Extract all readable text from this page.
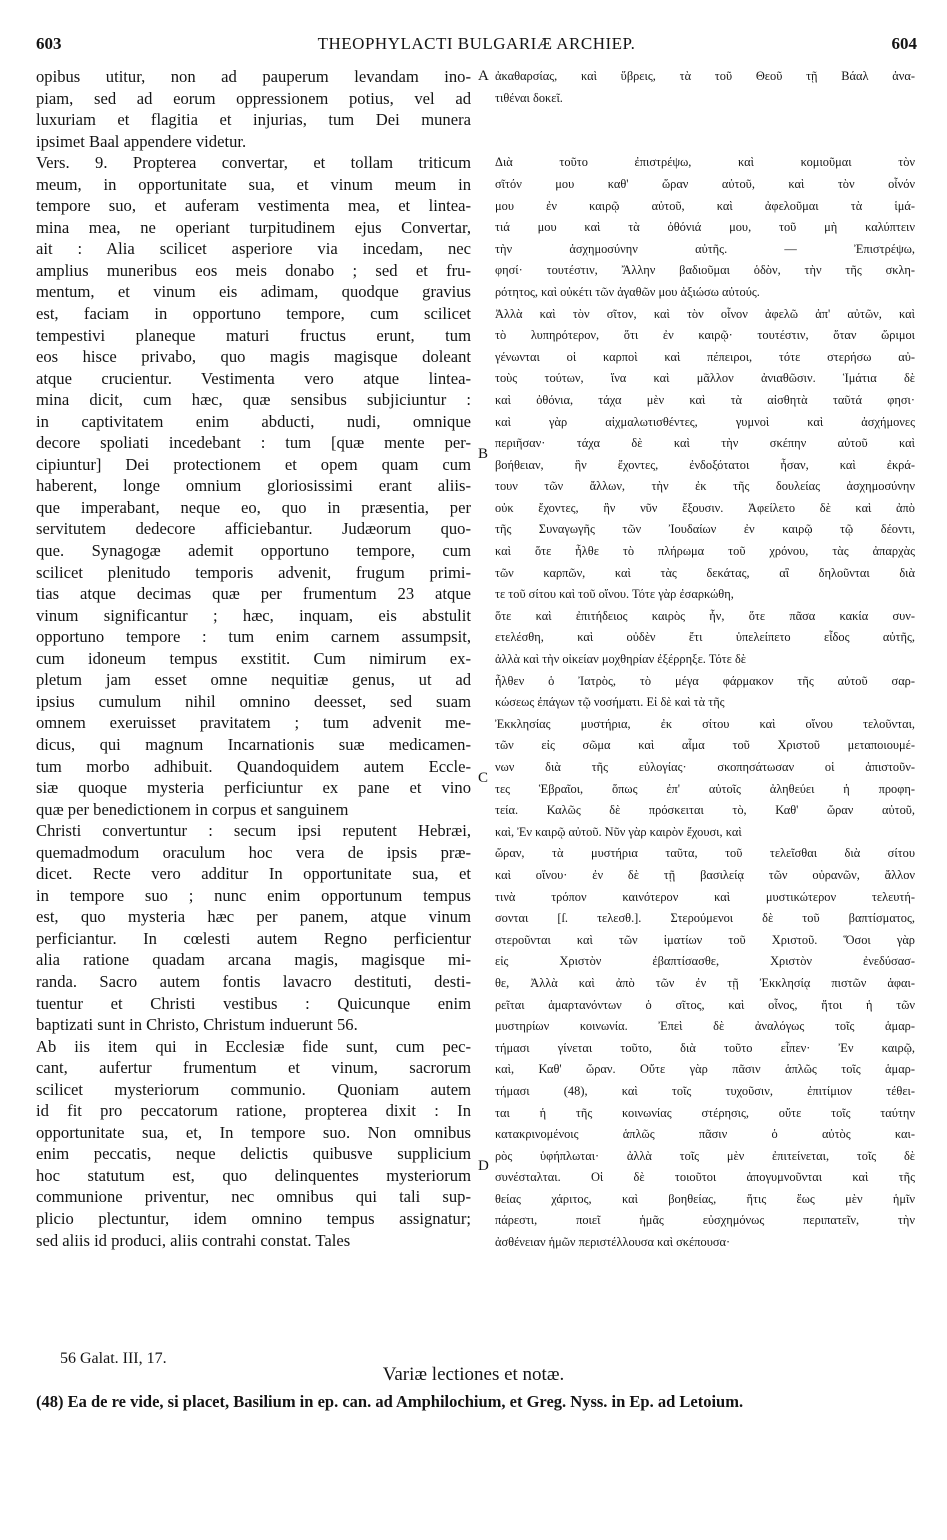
603	THEOPHYLACTI BULGARIÆ ARCHIEP.	604
opibus utitur, non ad pauperum levandam ino-
piam, sed ad eorum oppressionem potius, vel ad
luxuriam et flagitia et injurias, tum Dei munera
ipsimet Baal appendere videtur.
Vers. 9. Propterea convertar, et tollam triticum
meum, in opportunitate sua, et vinum meum in
tempore suo, et auferam vestimenta mea, et lintea-
mina mea, ne operiant turpitudinem ejus Convertar,
ait : Alia scilicet asperiore via incedam, nec
amplius muneribus eos meis donabo ; sed et fru-
mentum, et vinum eis adimam, quodque gravius
est, faciam in opportuno tempore, cum scilicet
tempestivi planeque maturi fructus erunt, tum
eos hisce privabo, quo magis magisque doleant
atque crucientur. Vestimenta vero atque lintea-
mina dicit, cum hæc, quæ sensibus subjiciuntur :
in captivitatem enim abducti, nudi, omnique
decore spoliati incedebant : tum [quæ mente per-
cipiuntur] Dei protectionem et opem quam cum
haberent, longe omnium gloriosissimi erant aliis-
que imperabant, neque eo, quo in præsentia, per
servitutem dedecore afficiebantur. Judæorum quo-
que. Synagogæ ademit opportuno tempore, cum
scilicet plenitudo temporis advenit, frugum primi-
tias atque decimas quæ per frumentum 23 atque
vinum significantur ; hæc, inquam, eis abstulit
opportuno tempore : tum enim carnem assumpsit,
cum idoneum tempus exstitit. Cum nimirum ex-
pletum jam esset omne nequitiæ genus, ut ad
ipsius cumulum nihil omnino deesset, sed suam
omnem exeruisset pravitatem ; tum advenit me-
dicus, qui magnum Incarnationis suæ medicamen-
tum morbo adhibuit. Quandoquidem autem Eccle-
siæ quoque mysteria perficiuntur ex pane et vino
quæ per benedictionem in corpus et sanguinem
Christi convertuntur : secum ipsi reputent Hebræi,
quemadmodum oraculum hoc vera de ipsis præ-
dicet. Recte vero additur In opportunitate sua, et
in tempore suo ; nunc enim opportunum tempus
est, quo mysteria hæc per panem, atque vinum
perficiantur. In cœlesti autem Regno perficientur
alia ratione quadam arcana magis, magisque mi-
randa. Sacro autem fontis lavacro destituti, desti-
tuentur et Christi vestibus : Quicunque enim
baptizati sunt in Christo, Christum induerunt 56.
Ab iis item qui in Ecclesiæ fide sunt, cum pec-
cant, aufertur frumentum et vinum, sacrorum
scilicet mysteriorum communio. Quoniam autem
id fit pro peccatorum ratione, propterea dixit : In
opportunitate sua, et, In tempore suo. Non omnibus
enim peccatis, neque delictis quibusve supplicium
hoc statutum est, quo delinquentes mysteriorum
communione priventur, nec omnibus qui tali sup-
plicio plectuntur, idem omnino tempus assignatur;
sed aliis id produci, aliis contrahi constat. Tales
ἀκαθαρσίας, καὶ ὕβρεις, τὰ τοῦ Θεοῦ τῇ Βάαλ ἀνα-
τιθέναι δοκεῖ.

Διὰ τοῦτο ἐπιστρέψω, καὶ κομιοῦμαι τὸν
σῖτόν μου καθ' ὥραν αὐτοῦ, καὶ τὸν οἶνόν
μου ἐν καιρῷ αὐτοῦ, καὶ ἀφελοῦμαι τὰ ἱμά-
τιά μου καὶ τὰ ὀθόνιά μου, τοῦ μὴ καλύπτειν
τὴν ἀσχημοσύνην αὐτῆς. — Ἐπιστρέψω,
φησί· τουτέστιν, Ἄλλην βαδιοῦμαι ὁδὸν, τὴν τῆς σκλη-
ρότητος, καὶ οὐκέτι τῶν ἀγαθῶν μου ἀξιώσω αὐτούς.
Ἀλλὰ καὶ τὸν σῖτον, καὶ τὸν οἶνον ἀφελῶ ἀπ' αὐτῶν, καὶ
τὸ λυπηρότερον, ὅτι ἐν καιρῷ· τουτέστιν, ὅταν ὥριμοι
γένωνται οἱ καρποὶ καὶ πέπειροι, τότε στερήσω αὐ-
τοὺς τούτων, ἵνα καὶ μᾶλλον ἀνιαθῶσιν. Ἱμάτια δὲ
καὶ ὀθόνια, τάχα μὲν καὶ τὰ αἰσθητὰ ταῦτά φησι·
καὶ γὰρ αἰχμαλωτισθέντες, γυμνοὶ καὶ ἀσχήμονες
περιῆσαν· τάχα δὲ καὶ τὴν σκέπην αὐτοῦ καὶ
βοήθειαν, ἣν ἔχοντες, ἐνδοξότατοι ἦσαν, καὶ ἐκρά-
τουν τῶν ἄλλων, τὴν ἐκ τῆς δουλείας ἀσχημοσύνην
οὐκ ἔχοντες, ἣν νῦν ἔξουσιν. Ἀφείλετο δὲ καὶ ἀπὸ
τῆς Συναγωγῆς τῶν Ἰουδαίων ἐν καιρῷ τῷ δέοντι,
καὶ ὅτε ἦλθε τὸ πλήρωμα τοῦ χρόνου, τὰς ἀπαρχὰς
τῶν καρπῶν, καὶ τὰς δεκάτας, αἳ δηλοῦνται διὰ
τε τοῦ σίτου καὶ τοῦ οἴνου. Τότε γὰρ ἐσαρκώθη,
ὅτε καὶ ἐπιτήδειος καιρὸς ἦν, ὅτε πᾶσα κακία συν-
ετελέσθη, καὶ οὐδὲν ἔτι ὑπελείπετο εἶδος αὐτῆς,
ἀλλὰ καὶ τὴν οἰκείαν μοχθηρίαν ἐξέρρηξε. Τότε δὲ
ἦλθεν ὁ Ἰατρὸς, τὸ μέγα φάρμακον τῆς αὐτοῦ σαρ-
κώσεως ἐπάγων τῷ νοσήματι. Εἰ δὲ καὶ τὰ τῆς
Ἐκκλησίας μυστήρια, ἐκ σίτου καὶ οἴνου τελοῦνται,
τῶν εἰς σῶμα καὶ αἷμα τοῦ Χριστοῦ μεταποιουμέ-
νων διὰ τῆς εὐλογίας· σκοπησάτωσαν οἱ ἀπιστοῦν-
τες Ἑβραῖοι, ὅπως ἐπ' αὐτοῖς ἀληθεύει ἡ προφη-
τεία. Καλῶς δὲ πρόσκειται τὸ, Καθ' ὥραν αὐτοῦ,
καὶ, Ἐν καιρῷ αὐτοῦ. Νῦν γὰρ καιρὸν ἔχουσι, καὶ
ὥραν, τὰ μυστήρια ταῦτα, τοῦ τελεῖσθαι διὰ σίτου
καὶ οἴνου· ἐν δὲ τῇ βασιλείᾳ τῶν οὐρανῶν, ἄλλον
τινὰ τρόπον καινότερον καὶ μυστικώτερον τελευτή-
σονται [ſ. τελεσθ.]. Στερούμενοι δὲ τοῦ βαπτίσματος,
στεροῦνται καὶ τῶν ἱματίων τοῦ Χριστοῦ. Ὅσοι γὰρ
εἰς Χριστὸν ἐβαπτίσασθε, Χριστὸν ἐνεδύσασ-
θε, Ἀλλὰ καὶ ἀπὸ τῶν ἐν τῇ Ἐκκλησίᾳ πιστῶν ἀφαι-
ρεῖται ἁμαρτανόντων ὁ σῖτος, καὶ οἶνος, ἤτοι ἡ τῶν
μυστηρίων κοινωνία. Ἐπεὶ δὲ ἀναλόγως τοῖς ἁμαρ-
τήμασι γίνεται τοῦτο, διὰ τοῦτο εἶπεν· Ἐν καιρῷ,
καὶ, Καθ' ὥραν. Οὔτε γὰρ πᾶσιν ἁπλῶς τοῖς ἁμαρ-
τήμασι (48), καὶ τοῖς τυχοῦσιν, ἐπιτίμιον τέθει-
ται ἡ τῆς κοινωνίας στέρησις, οὔτε τοῖς ταύτην
κατακρινομένοις ἁπλῶς πᾶσιν ὁ αὐτὸς και-
ρὸς ὑφήπλωται· ἀλλὰ τοῖς μὲν ἐπιτείνεται, τοῖς δὲ
συνέσταλται. Οἱ δὲ τοιοῦτοι ἀπογυμνοῦνται καὶ τῆς
θείας χάριτος, καὶ βοηθείας, ἥτις ἕως μὲν ἡμῖν
πάρεστι, ποιεῖ ἡμᾶς εὐσχημόνως περιπατεῖν, τὴν
ἀσθένειαν ἡμῶν περιστέλλουσα καὶ σκέπουσα·
A
B
C
D
56 Galat. III, 17.
Variæ lectiones et notæ.
(48) Ea de re vide, si placet, Basilium in ep. can. ad Amphilochium, et Greg. Nyss. in Ep. ad Letoium.
